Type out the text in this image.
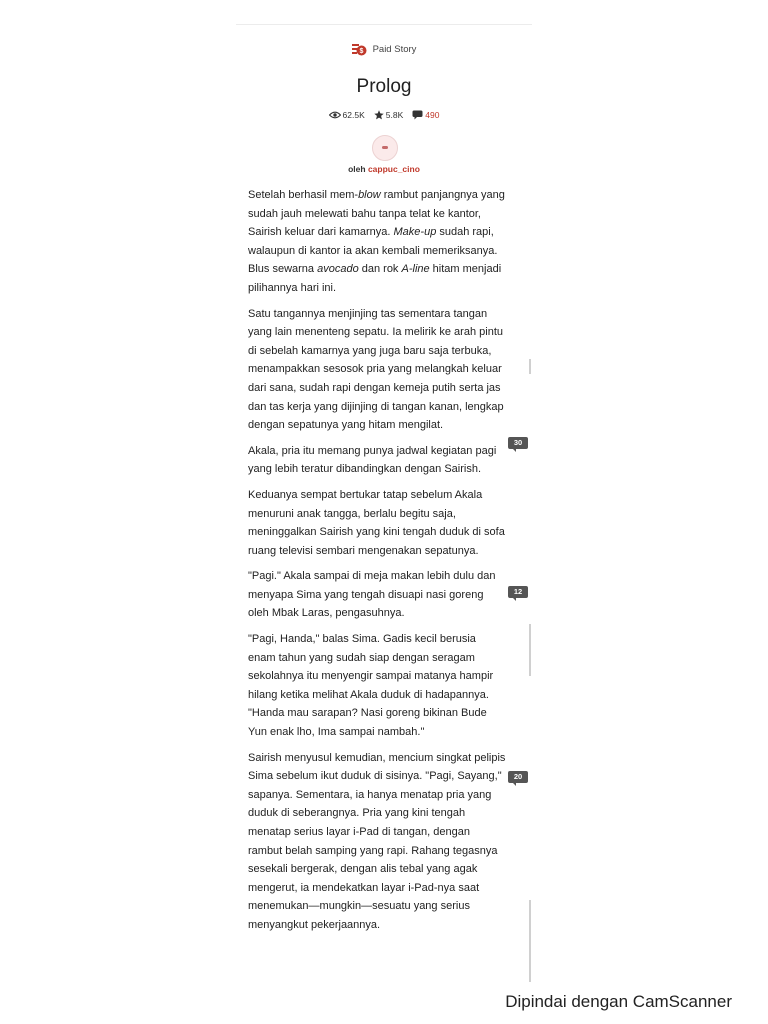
$ Paid Story
Prolog
62.5K 5.8K	490
oleh cappuc_cino

Setelah berhasil mem-blow rambut panjangnya yang sudah jauh melewati bahu tanpa telat ke kantor, Sairish keluar dari kamarnya. Make-up sudah rapi, walaupun di kantor ia akan kembali memeriksanya. Blus sewarna avocado dan rok A-line hitam menjadi pilihannya hari ini.

Satu tangannya menjinjing tas sementara tangan yang lain menenteng sepatu. Ia melirik ke arah pintu di sebelah kamarnya yang juga baru saja terbuka, menampakkan sesosok pria yang melangkah keluar dari sana, sudah rapi dengan kemeja putih serta jas dan tas kerja yang dijinjing di tangan kanan, lengkap dengan sepatunya yang hitam mengilat.

Akala, pria itu memang punya jadwal kegiatan pagi yang lebih teratur dibandingkan dengan Sairish.

Keduanya sempat bertukar tatap sebelum Akala menuruni anak tangga, berlalu begitu saja, meninggalkan Sairish yang kini tengah duduk di sofa ruang televisi sembari mengenakan sepatunya.

"Pagi." Akala sampai di meja makan lebih dulu dan menyapa Sima yang tengah disuapi nasi goreng oleh Mbak Laras, pengasuhnya.

"Pagi, Handa," balas Sima. Gadis kecil berusia enam tahun yang sudah siap dengan seragam sekolahnya itu menyengir sampai matanya hampir hilang ketika melihat Akala duduk di hadapannya. "Handa mau sarapan? Nasi goreng bikinan Bude Yun enak lho, Ima sampai nambah."

Sairish menyusul kemudian, mencium singkat pelipis Sima sebelum ikut duduk di sisinya. "Pagi, Sayang," sapanya. Sementara, ia hanya menatap pria yang duduk di seberangnya. Pria yang kini tengah menatap serius layar i-Pad di tangan, dengan rambut belah samping yang rapi. Rahang tegasnya sesekali bergerak, dengan alis tebal yang agak mengerut, ia mendekatkan layar i-Pad-nya saat menemukan—mungkin—sesuatu yang serius menyangkut pekerjaannya.

30
12
20
Dipindai dengan CamScanner
